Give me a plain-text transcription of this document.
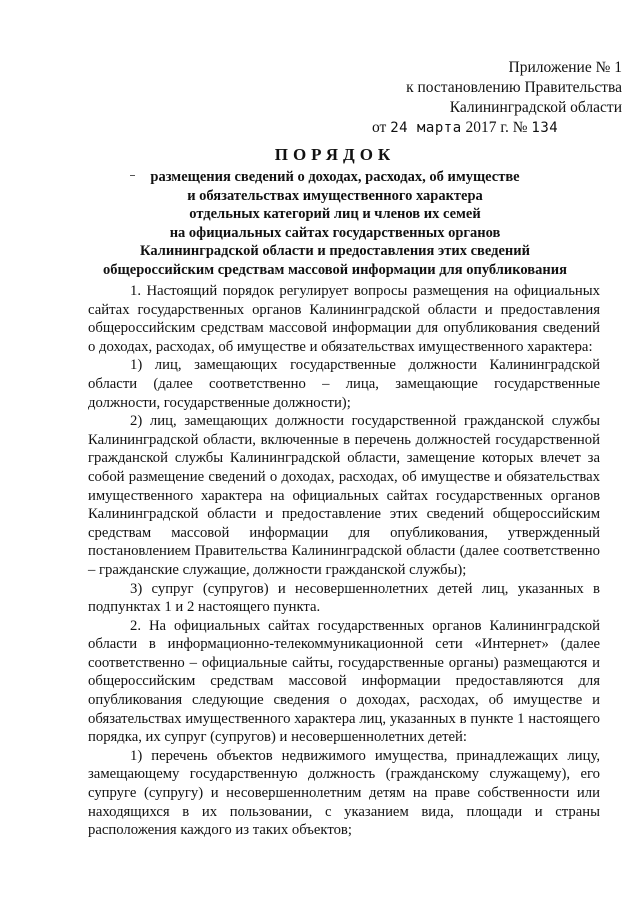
Приложение № 1
к постановлению Правительства
Калининградской области
от 24 марта 2017 г. № 134
ПОРЯДОК
размещения сведений о доходах, расходах, об имуществе
и обязательствах имущественного характера
отдельных категорий лиц и членов их семей
на официальных сайтах государственных органов
Калининградской области и предоставления этих сведений
общероссийским средствам массовой информации для опубликования

1. Настоящий порядок регулирует вопросы размещения на официальных сайтах государственных органов Калининградской области и предоставления общероссийским средствам массовой информации для опубликования сведений о доходах, расходах, об имуществе и обязательствах имущественного характера:

1) лиц, замещающих государственные должности Калининградской области (далее соответственно – лица, замещающие государственные должности, государственные должности);

2) лиц, замещающих должности государственной гражданской службы Калининградской области, включенные в перечень должностей государственной гражданской службы Калининградской области, замещение которых влечет за собой размещение сведений о доходах, расходах, об имуществе и обязательствах имущественного характера на официальных сайтах государственных органов Калининградской области и предоставление этих сведений общероссийским средствам массовой информации для опубликования, утвержденный постановлением Правительства Калининградской области (далее соответственно – гражданские служащие, должности гражданской службы);

3) супруг (супругов) и несовершеннолетних детей лиц, указанных в подпунктах 1 и 2 настоящего пункта.

2. На официальных сайтах государственных органов Калининградской области в информационно-телекоммуникационной сети «Интернет» (далее соответственно – официальные сайты, государственные органы) размещаются и общероссийским средствам массовой информации предоставляются для опубликования следующие сведения о доходах, расходах, об имуществе и обязательствах имущественного характера лиц, указанных в пункте 1 настоящего порядка, их супруг (супругов) и несовершеннолетних детей:

1) перечень объектов недвижимого имущества, принадлежащих лицу, замещающему государственную должность (гражданскому служащему), его супруге (супругу) и несовершеннолетним детям на праве собственности или находящихся в их пользовании, с указанием вида, площади и страны расположения каждого из таких объектов;
